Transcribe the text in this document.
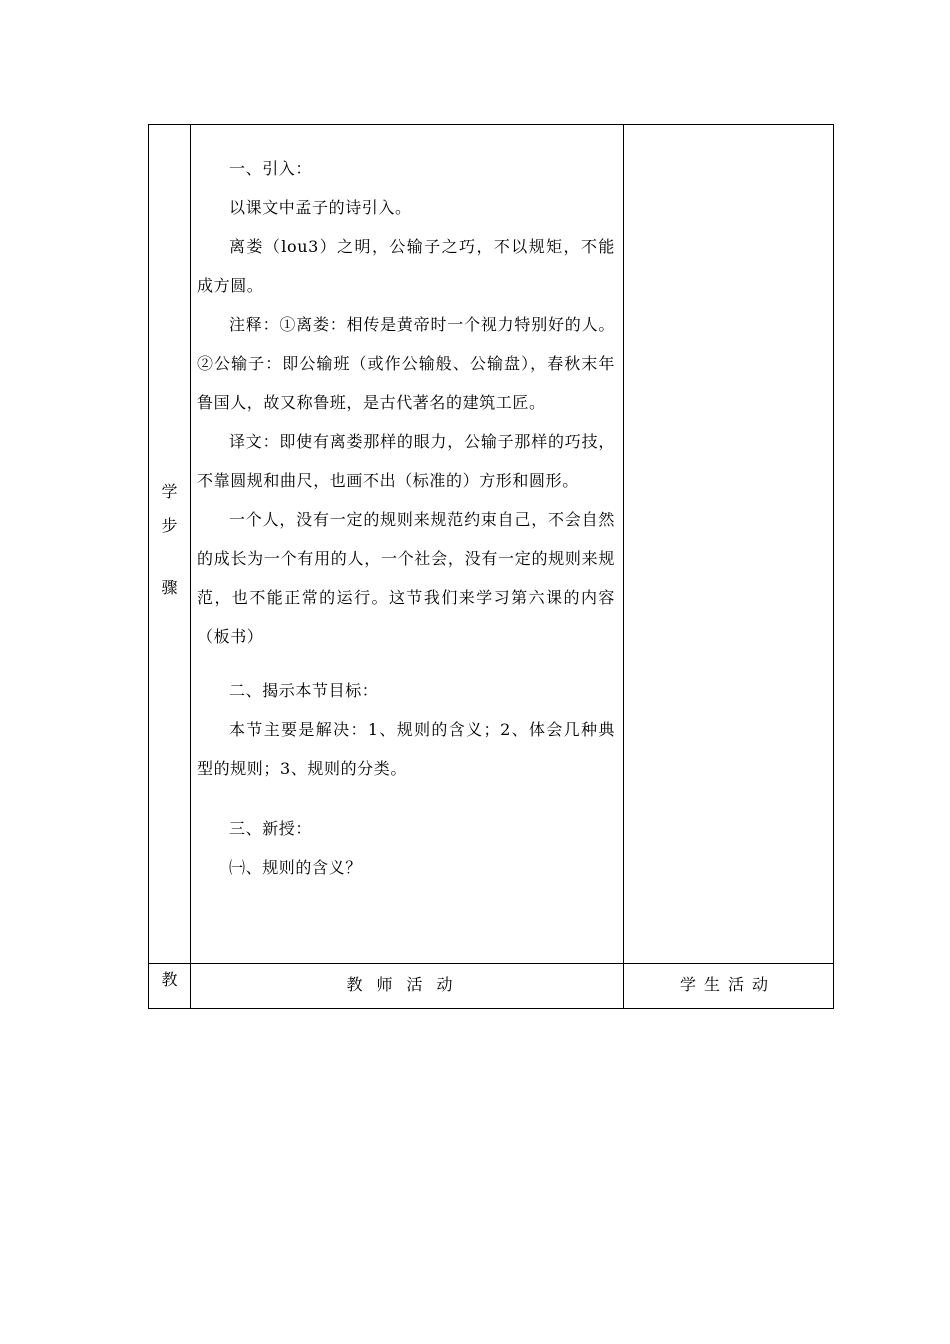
学
步
骤

一、引入：

以课文中孟子的诗引入。

离娄（lou3）之明，公输子之巧，不以规矩，不能成方圆。

注释：①离娄：相传是黄帝时一个视力特别好的人。②公输子：即公输班（或作公输般、公输盘），春秋末年鲁国人，故又称鲁班，是古代著名的建筑工匠。

译文：即使有离娄那样的眼力，公输子那样的巧技，不靠圆规和曲尺，也画不出（标准的）方形和圆形。

一个人，没有一定的规则来规范约束自己，不会自然的成长为一个有用的人，一个社会，没有一定的规则来规范，也不能正常的运行。这节我们来学习第六课的内容（板书）

二、揭示本节目标：

本节主要是解决：1、规则的含义；2、体会几种典型的规则；3、规则的分类。

三、新授：

㈠、规则的含义？

教	教师活动	学生活动
